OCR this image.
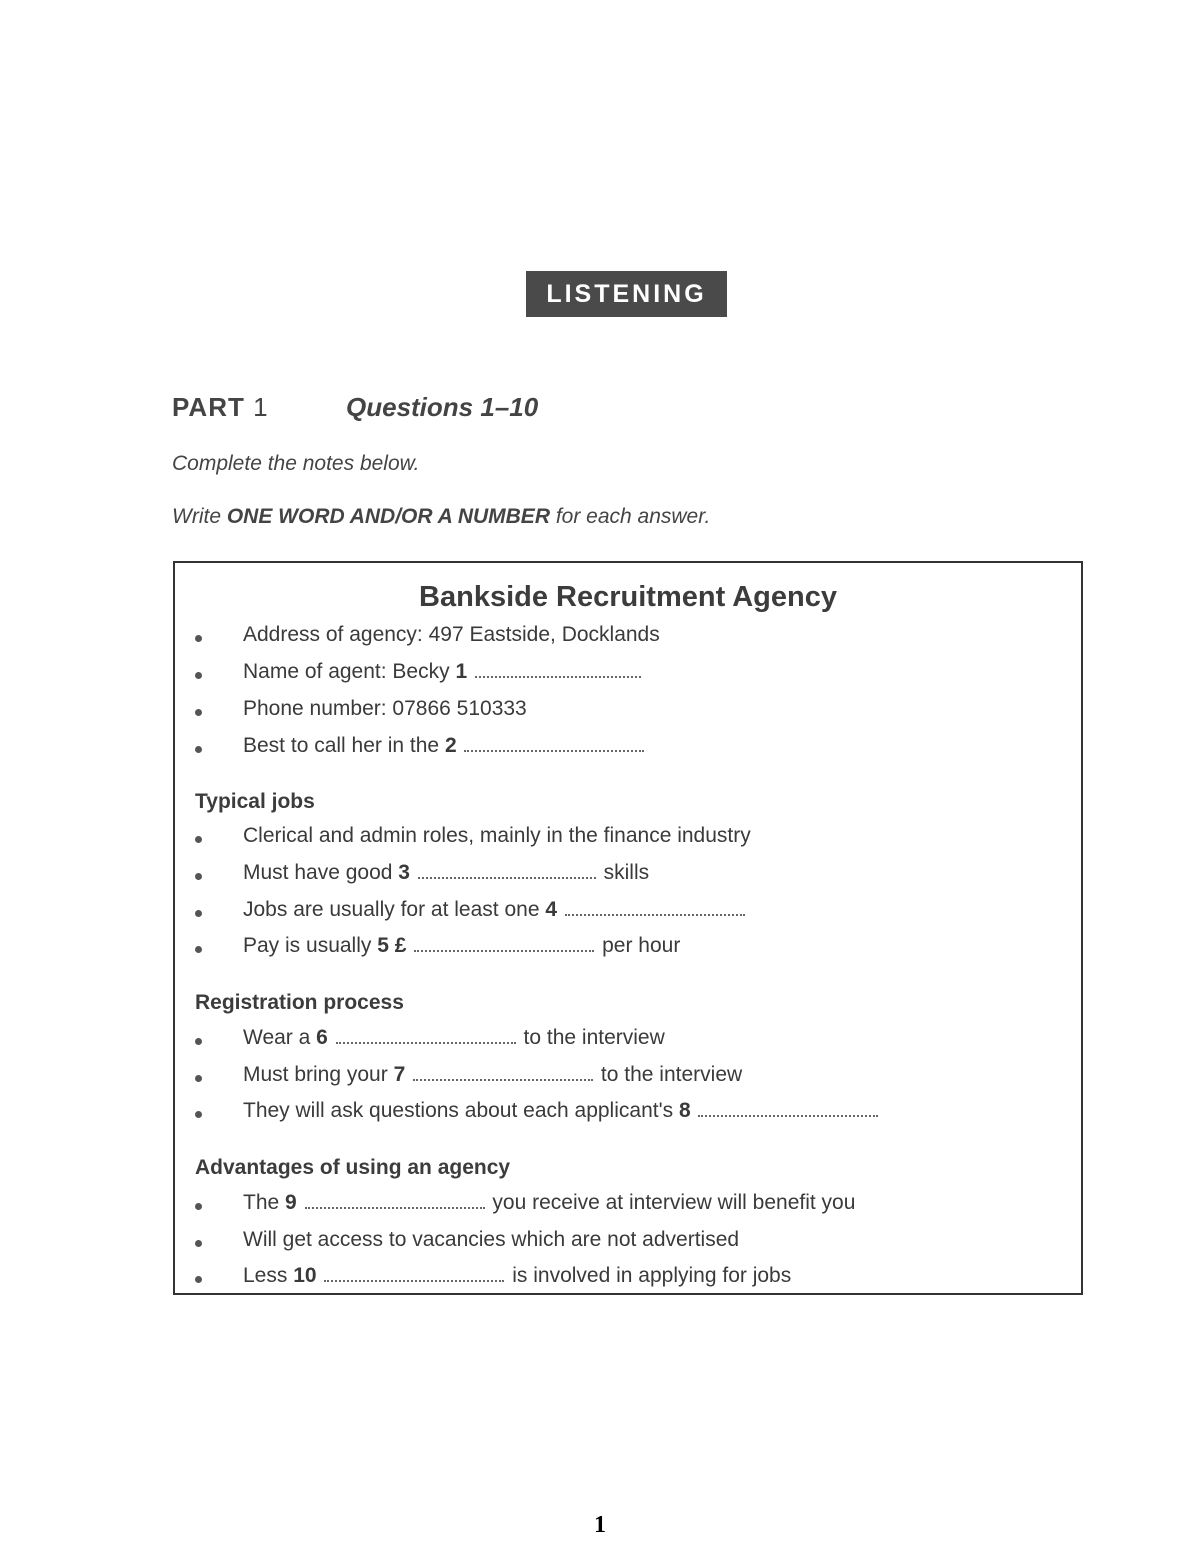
LISTENING
PART 1	Questions 1–10
Complete the notes below.
Write ONE WORD AND/OR A NUMBER for each answer.
Bankside Recruitment Agency
Address of agency: 497 Eastside, Docklands
Name of agent: Becky 1
Phone number: 07866 510333
Best to call her in the 2
Typical jobs
Clerical and admin roles, mainly in the finance industry
Must have good 3	skills
Jobs are usually for at least one 4
Pay is usually 5 £	per hour
Registration process
Wear a 6	to the interview
Must bring your 7	to the interview
They will ask questions about each applicant's 8
Advantages of using an agency
The 9	you receive at interview will benefit you
Will get access to vacancies which are not advertised
Less 10	is involved in applying for jobs
1
